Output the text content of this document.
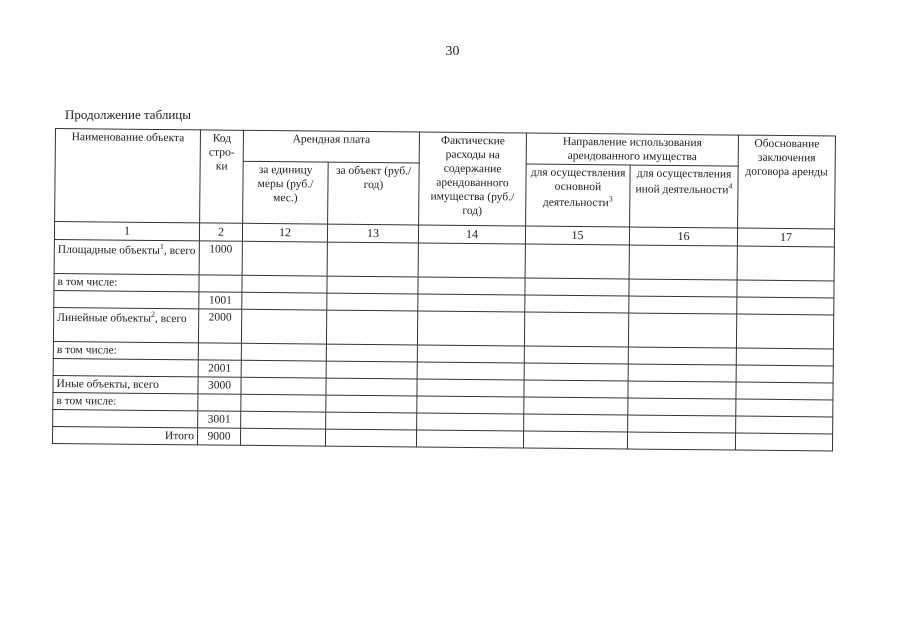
30
Продолжение таблицы
Наименование объекта	Код стро-ки	Арендная плата		Фактические расходы на содержание арендованного имущества (руб./год)	Направление использования арендованного имущества		Обоснование заключения договора аренды
		за единицу меры (руб./мес.)	за объект (руб./год)		для осуществления основной деятельности$^3$	для осуществления иной деятельности$^4$
1	2	12	13	14	15	16	17
Площадные объекты$^1$, всего	1000						
в том числе:							
	1001						
Линейные объекты$^2$, всего	2000						
в том числе:							
	2001						
Иные объекты, всего	3000						
в том числе:							
	3001						
Итого	9000						
